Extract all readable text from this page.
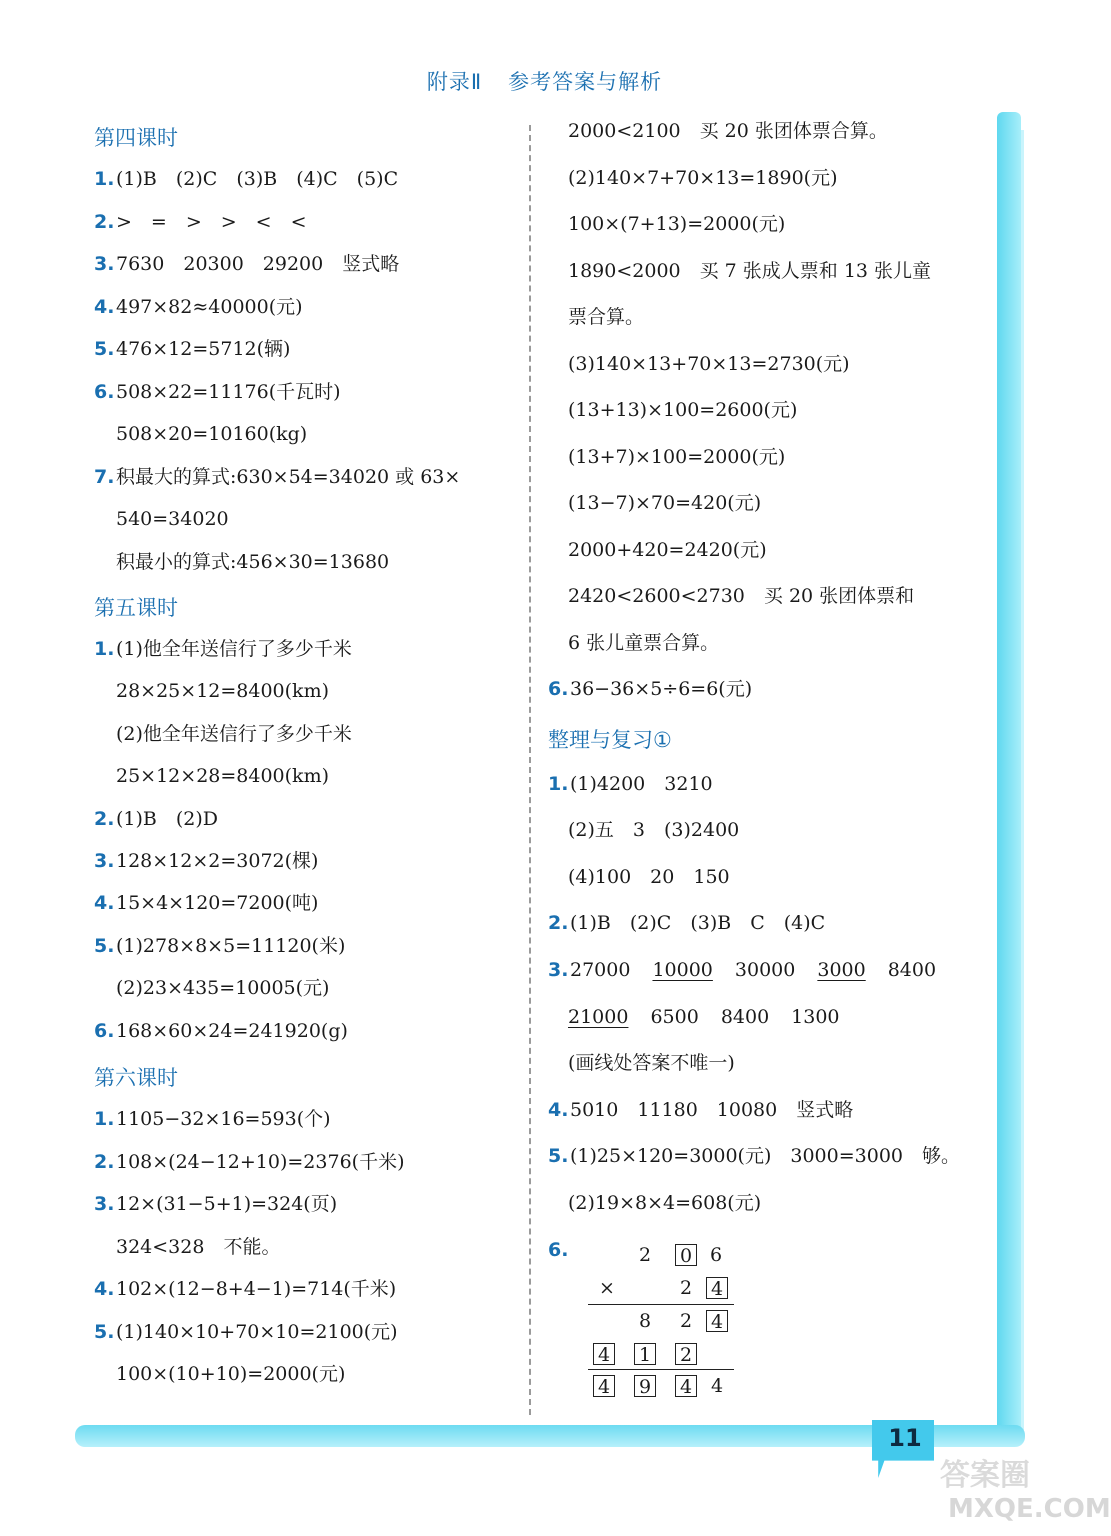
11
答案圈
MXQE.COM
附录Ⅱ 参考答案与解析
第四课时
1.(1)B　(2)C　(3)B　(4)C　(5)C
2.>　=　>　>　<　<
3.7630　20300　29200　竖式略
4.497×82≈40000(元)
5.476×12=5712(辆)
6.508×22=11176(千瓦时)
508×20=10160(kg)
7.积最大的算式:630×54=34020 或 63×
540=34020
积最小的算式:456×30=13680
第五课时
1.(1)他全年送信行了多少千米
28×25×12=8400(km)
(2)他全年送信行了多少千米
25×12×28=8400(km)
2.(1)B　(2)D
3.128×12×2=3072(棵)
4.15×4×120=7200(吨)
5.(1)278×8×5=11120(米)
(2)23×435=10005(元)
6.168×60×24=241920(g)
第六课时
1.1105−32×16=593(个)
2.108×(24−12+10)=2376(千米)
3.12×(31−5+1)=324(页)
324<328　不能。
4.102×(12−8+4−1)=714(千米)
5.(1)140×10+70×10=2100(元)
100×(10+10)=2000(元)
2000<2100　买 20 张团体票合算。
(2)140×7+70×13=1890(元)
100×(7+13)=2000(元)
1890<2000　买 7 张成人票和 13 张儿童
票合算。
(3)140×13+70×13=2730(元)
(13+13)×100=2600(元)
(13+7)×100=2000(元)
(13−7)×70=420(元)
2000+420=2420(元)
2420<2600<2730　买 20 张团体票和
6 张儿童票合算。
6.36−36×5÷6=6(元)
整理与复习①
1.(1)4200　3210
(2)五　3　(3)2400
(4)100　20　150
2.(1)B　(2)C　(3)B　C　(4)C
3.27000 10000 30000 3000 8400
21000 6500 8400 1300
(画线处答案不唯一)
4.5010　11180　10080　竖式略
5.(1)25×120=3000(元)　3000=3000　够。
(2)19×8×4=608(元)
6.	2 0 6
×	2 4
8 2 4
4 1 2
4 9 4 4
